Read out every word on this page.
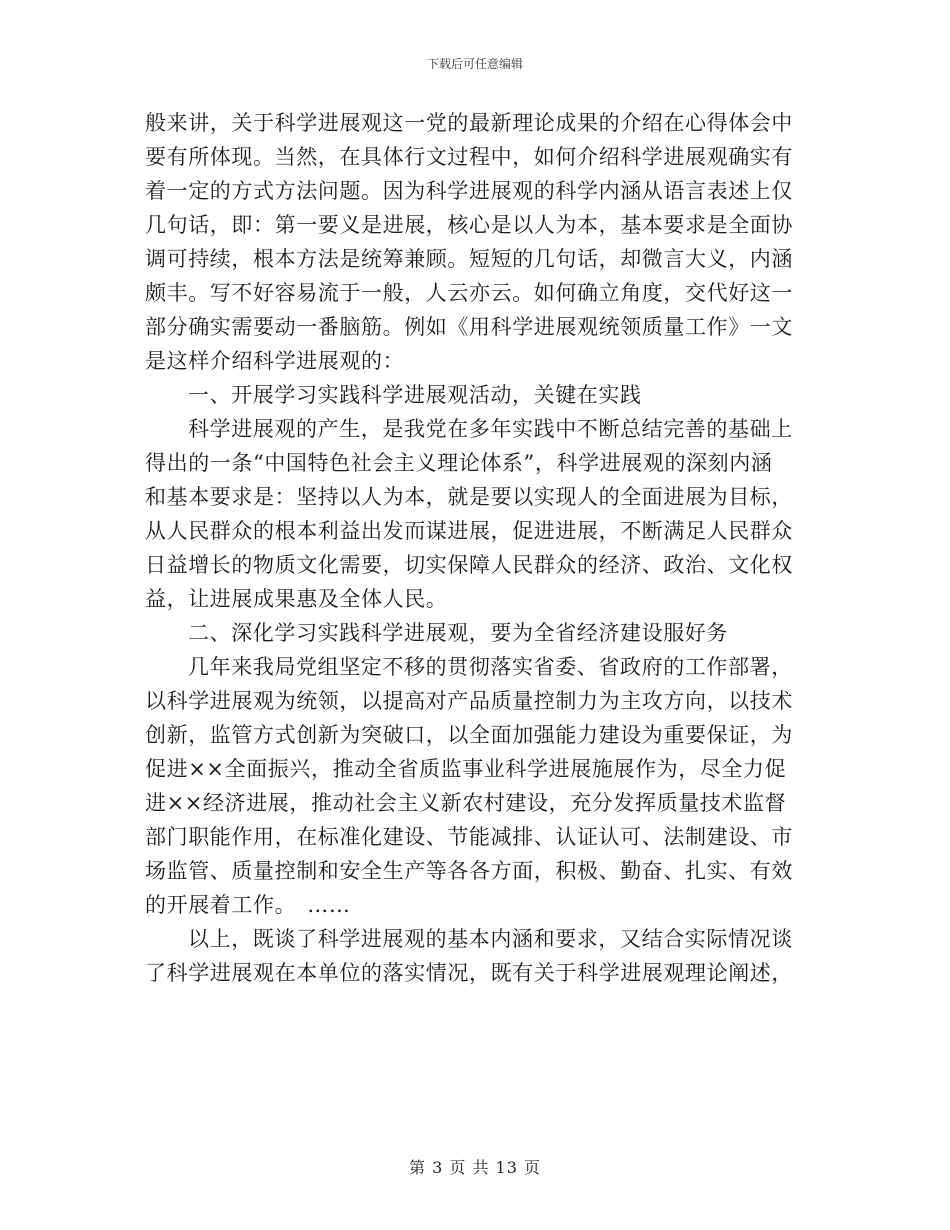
下载后可任意编辑
般来讲，关于科学进展观这一党的最新理论成果的介绍在心得体会中
要有所体现。当然，在具体行文过程中，如何介绍科学进展观确实有
着一定的方式方法问题。因为科学进展观的科学内涵从语言表述上仅
几句话，即：第一要义是进展，核心是以人为本，基本要求是全面协
调可持续，根本方法是统筹兼顾。短短的几句话，却微言大义，内涵
颇丰。写不好容易流于一般，人云亦云。如何确立角度，交代好这一
部分确实需要动一番脑筋。例如《用科学进展观统领质量工作》一文
是这样介绍科学进展观的：
一、开展学习实践科学进展观活动，关键在实践
科学进展观的产生，是我党在多年实践中不断总结完善的基础上
得出的一条“中国特色社会主义理论体系”，科学进展观的深刻内涵
和基本要求是：坚持以人为本，就是要以实现人的全面进展为目标，
从人民群众的根本利益出发而谋进展，促进进展，不断满足人民群众
日益增长的物质文化需要，切实保障人民群众的经济、政治、文化权
益，让进展成果惠及全体人民。
二、深化学习实践科学进展观，要为全省经济建设服好务
几年来我局党组坚定不移的贯彻落实省委、省政府的工作部署，
以科学进展观为统领，以提高对产品质量控制力为主攻方向，以技术
创新，监管方式创新为突破口，以全面加强能力建设为重要保证，为
促进××全面振兴，推动全省质监事业科学进展施展作为，尽全力促
进××经济进展，推动社会主义新农村建设，充分发挥质量技术监督
部门职能作用，在标准化建设、节能减排、认证认可、法制建设、市
场监管、质量控制和安全生产等各各方面，积极、勤奋、扎实、有效
的开展着工作。　……
以上，既谈了科学进展观的基本内涵和要求，又结合实际情况谈
了科学进展观在本单位的落实情况，既有关于科学进展观理论阐述，
第 3 页 共 13 页
